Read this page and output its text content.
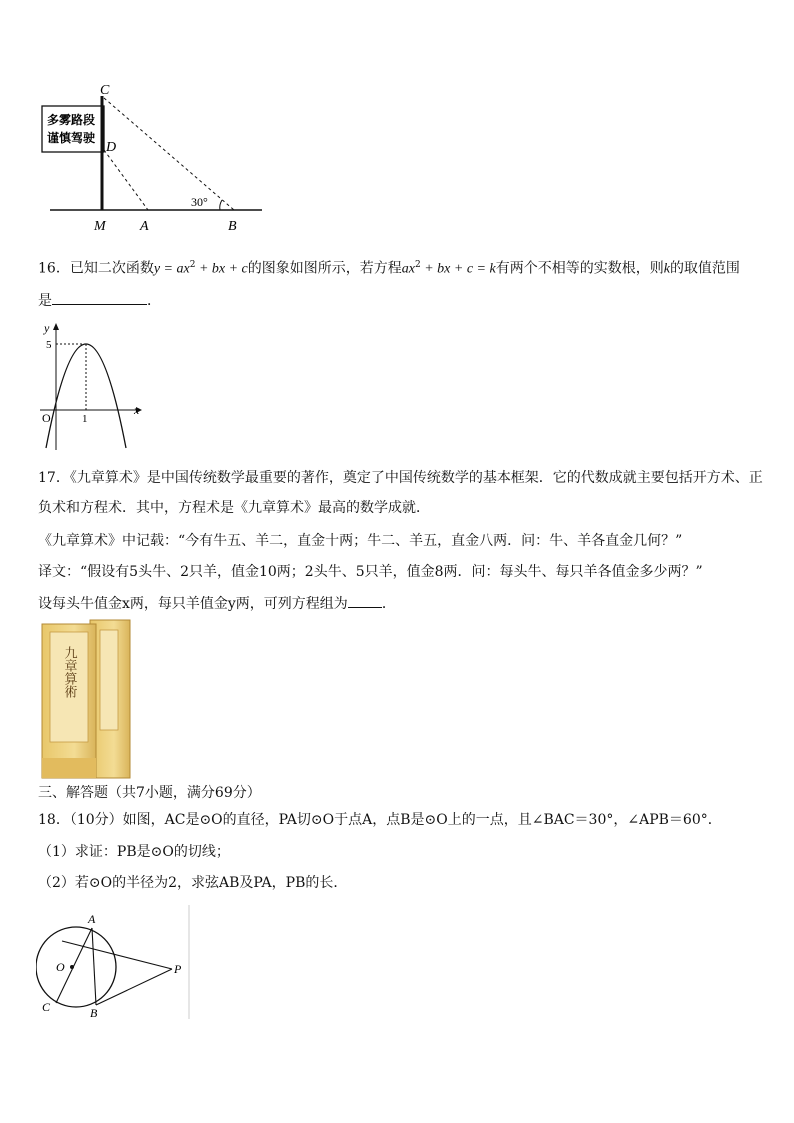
多雾路段
谨慎驾驶
C
D
30°
M A	B
16．已知二次函数$y = ax^2$ + bx + c的图象如图所示，若方程$ax^2$ + bx + c = k有两个不相等的实数根，则k的取值范围
是	．
y
5
O	1
x
17．《九章算术》是中国传统数学最重要的著作，奠定了中国传统数学的基本框架．它的代数成就主要包括开方术、正
负术和方程术．其中，方程术是《九章算术》最高的数学成就．
《九章算术》中记载：“今有牛五、羊二，直金十两；牛二、羊五，直金八两．问：牛、羊各直金几何？”
译文：“假设有5头牛、2只羊，值金10两；2头牛、5只羊，值金8两．问：每头牛、每只羊各值金多少两？”
设每头牛值金x两，每只羊值金y两，可列方程组为 ．
九章算術
三、解答题（共7小题，满分69分）
18．（10分）如图，AC是⊙O的直径，PA切⊙O于点A，点B是⊙O上的一点，且∠BAC＝30°，∠APB＝60°．
（1）求证：PB是⊙O的切线；
（2）若⊙O的半径为2，求弦AB及PA，PB的长．
A
O	P
C	B
